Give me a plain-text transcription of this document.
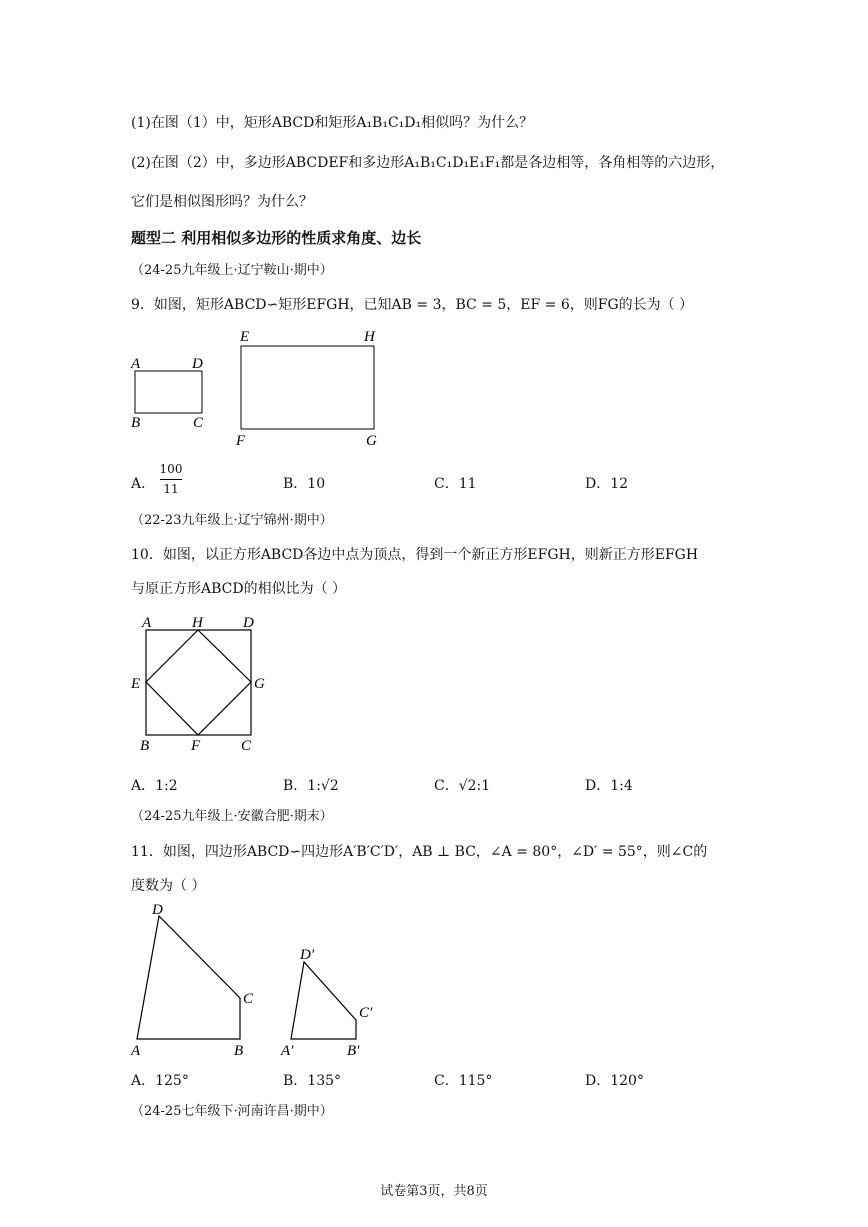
(1)在图（1）中，矩形ABCD和矩形A₁B₁C₁D₁相似吗？为什么？
(2)在图（2）中，多边形ABCDEF和多边形A₁B₁C₁D₁E₁F₁都是各边相等，各角相等的六边形，
它们是相似图形吗？为什么？
题型二 利用相似多边形的性质求角度、边长
（24-25九年级上·辽宁鞍山·期中）
9．如图，矩形ABCD∽矩形EFGH，已知AB = 3，BC = 5，EF = 6，则FG的长为（ ）
A	D
B	C
E	H
F	G
A．
100
11	B．10	C．11	D．12
（22-23九年级上·辽宁锦州·期中）
10．如图，以正方形ABCD各边中点为顶点，得到一个新正方形EFGH，则新正方形EFGH
与原正方形ABCD的相似比为（ ）
A	H	D
E	G
B	F	C
A．1:2	B．1:√2	C．√2:1	D．1:4
（24-25九年级上·安徽合肥·期末）
11．如图，四边形ABCD∽四边形A′B′C′D′，AB ⊥ BC，∠A = 80°，∠D′ = 55°，则∠C的
度数为（ ）
D
C
A	B
D′
C′
A′	B′
A．125°	B．135°	C．115°	D．120°
（24-25七年级下·河南许昌·期中）
试卷第3页，共8页
